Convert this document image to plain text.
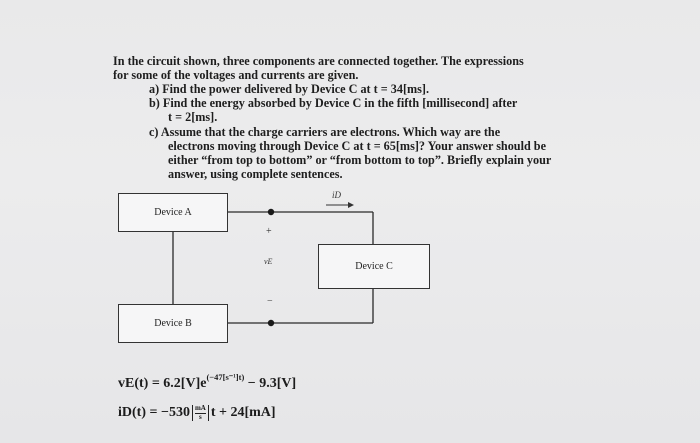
In the circuit shown, three components are connected together. The expressions
for some of the voltages and currents are given.
a) Find the power delivered by Device C at t = 34[ms].
b) Find the energy absorbed by Device C in the fifth [millisecond] after
t = 2[ms].
c) Assume that the charge carriers are electrons. Which way are the
electrons moving through Device C at t = 65[ms]? Your answer should be
either “from top to bottom” or “from bottom to top”. Briefly explain your
answer, using complete sentences.
Device A
Device B
Device C
iD
+
vE
−
$vE(t) = 6.2[V]e^{(-47[s^{-1}]t)} - 9.3[V]$
$iD(t) = -530 \frac{mA}{s}$ t + 24[mA]
